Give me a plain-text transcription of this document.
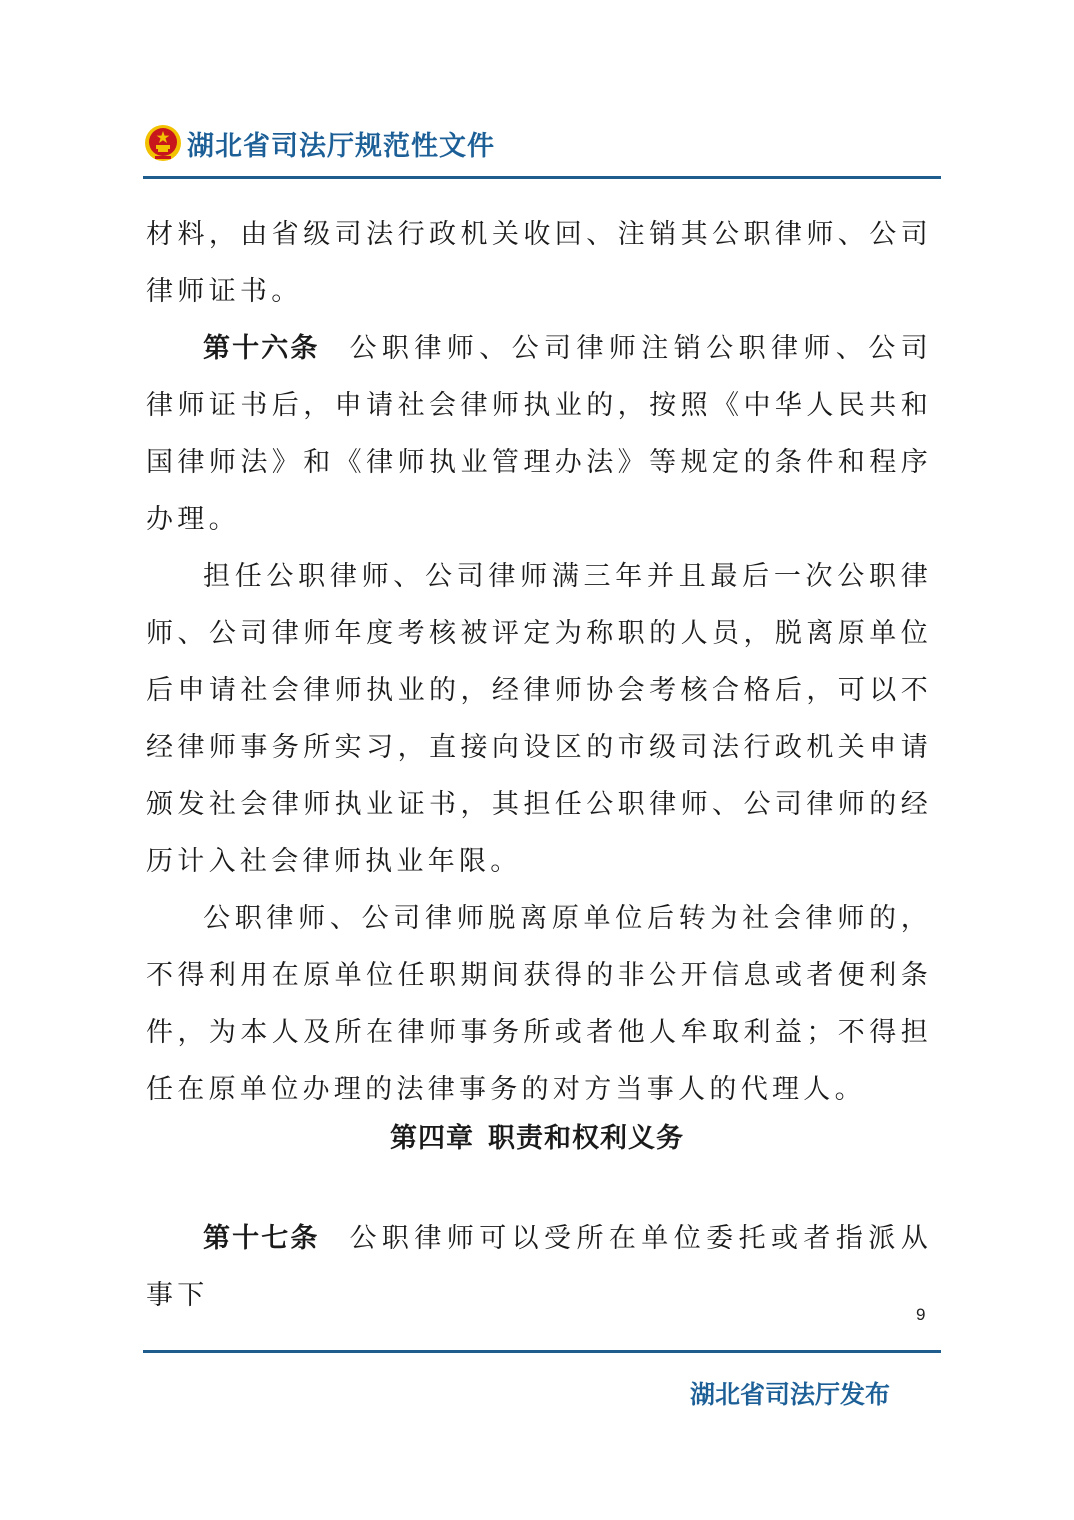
湖北省司法厅规范性文件

材料，由省级司法行政机关收回、注销其公职律师、公司律师证书。

第十六条 公职律师、公司律师注销公职律师、公司律师证书后，申请社会律师执业的，按照《中华人民共和国律师法》和《律师执业管理办法》等规定的条件和程序办理。

担任公职律师、公司律师满三年并且最后一次公职律师、公司律师年度考核被评定为称职的人员，脱离原单位后申请社会律师执业的，经律师协会考核合格后，可以不经律师事务所实习，直接向设区的市级司法行政机关申请颁发社会律师执业证书，其担任公职律师、公司律师的经历计入社会律师执业年限。

公职律师、公司律师脱离原单位后转为社会律师的，不得利用在原单位任职期间获得的非公开信息或者便利条件，为本人及所在律师事务所或者他人牟取利益；不得担任在原单位办理的法律事务的对方当事人的代理人。

第四章 职责和权利义务

第十七条 公职律师可以受所在单位委托或者指派从事下

9
湖北省司法厅发布
